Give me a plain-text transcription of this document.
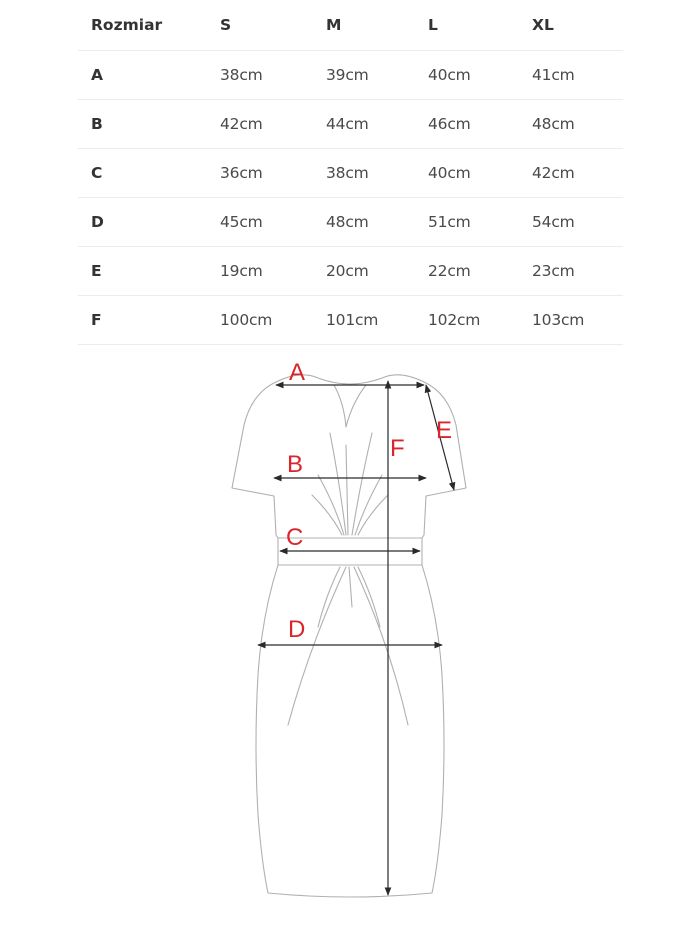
Rozmiar	S	M	L	XL
A	38cm	39cm	40cm	41cm
B	42cm	44cm	46cm	48cm
C	36cm	38cm	40cm	42cm
D	45cm	48cm	51cm	54cm
E	19cm	20cm	22cm	23cm
F	100cm	101cm	102cm	103cm
A
B
C
D
E
F
